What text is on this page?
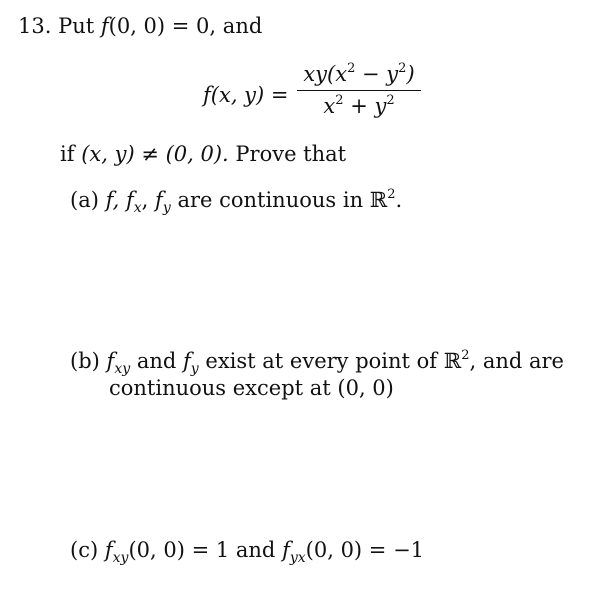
13. Put f(0, 0) = 0, and
f(x, y) =
$xy(x^2 - y^2)$
$x^2 + y^2$
if (x, y) ≠ (0, 0). Prove that
(a) f, $f_x$, $f_y$ are continuous in ℝ$^2$.
(b) $f_{xy}$ and $f_y$ exist at every point of ℝ$^2$, and are
continuous except at (0, 0)
(c) $f_{xy}(0$, 0) = 1 and $f_{yx}(0$, 0) = −1
